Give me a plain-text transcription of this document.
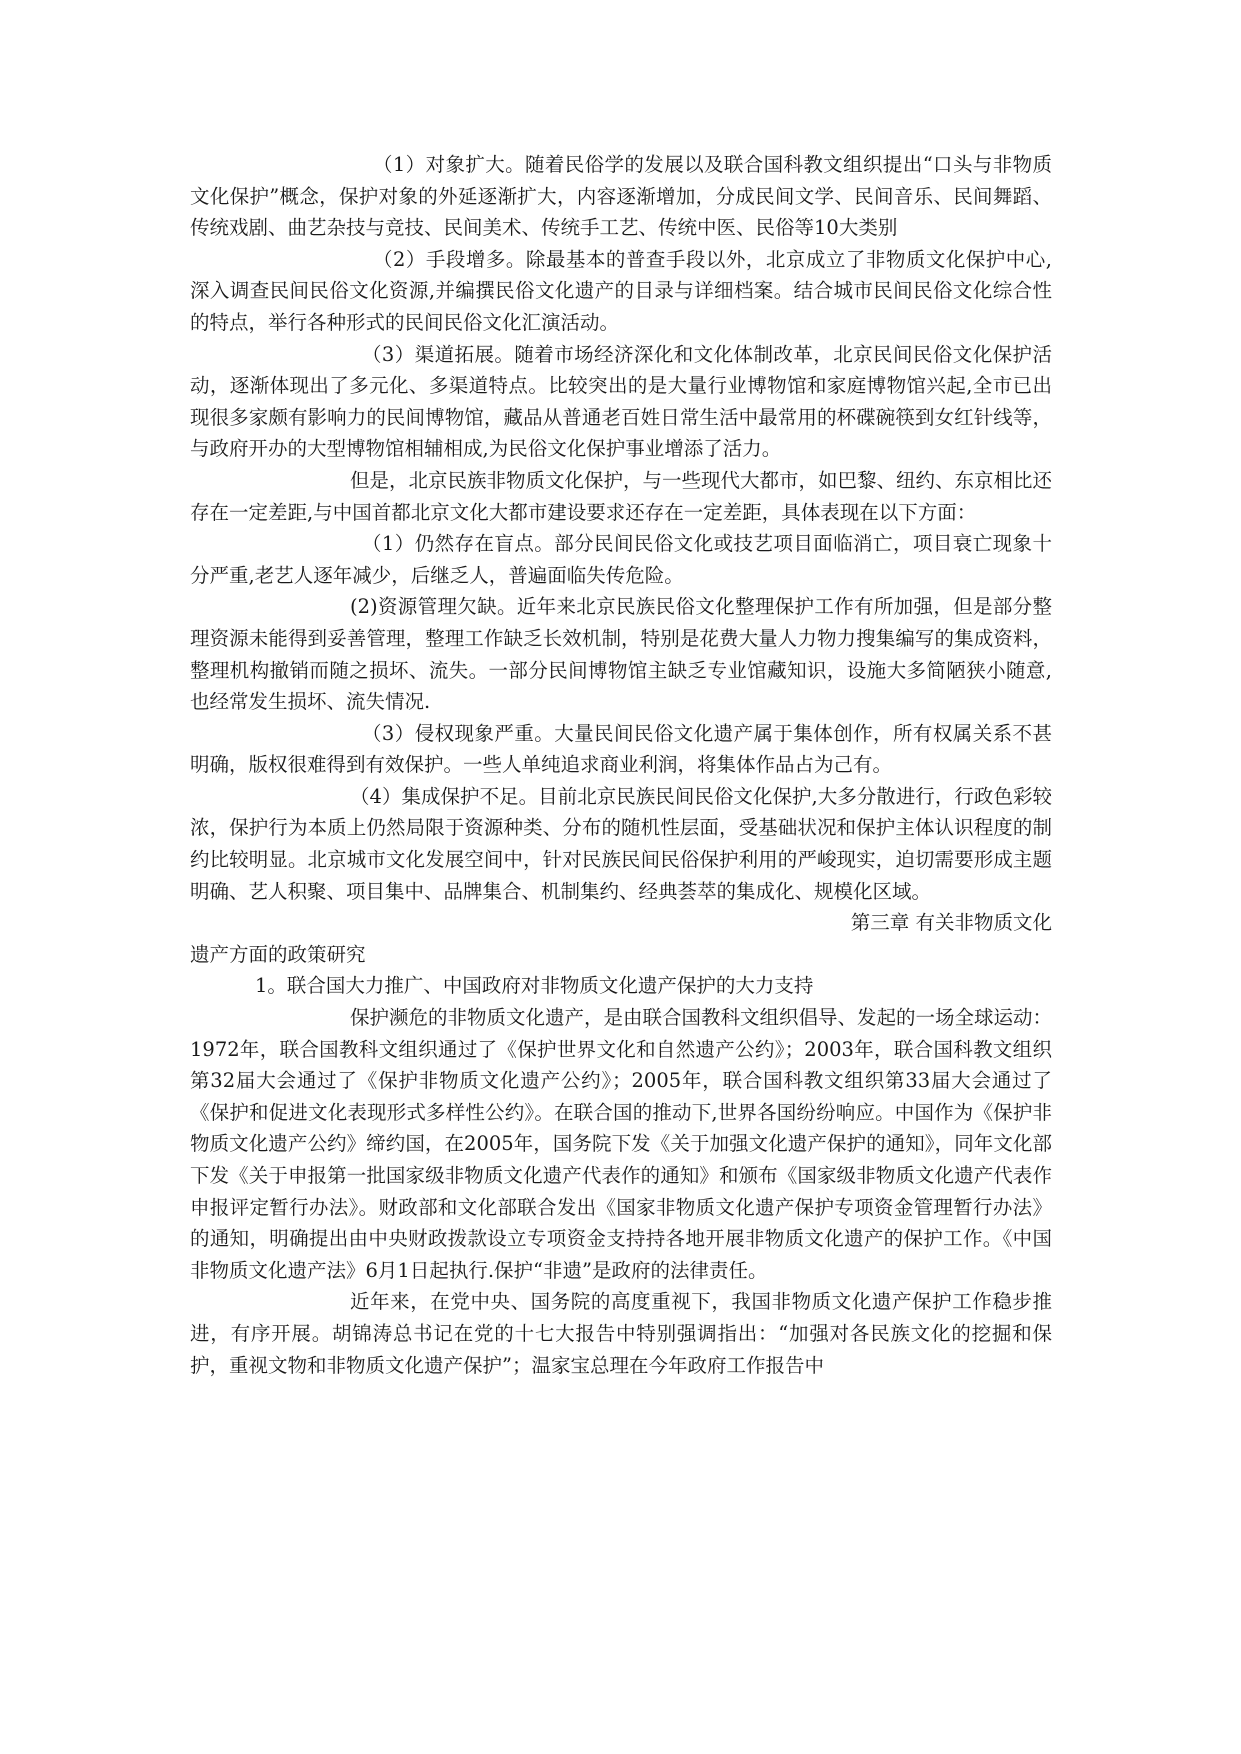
（1）对象扩大。随着民俗学的发展以及联合国科教文组织提出“口头与非物质文化保护”概念，保护对象的外延逐渐扩大，内容逐渐增加，分成民间文学、民间音乐、民间舞蹈、传统戏剧、曲艺杂技与竞技、民间美术、传统手工艺、传统中医、民俗等10大类别

（2）手段增多。除最基本的普查手段以外，北京成立了非物质文化保护中心,深入调查民间民俗文化资源,并编撰民俗文化遗产的目录与详细档案。结合城市民间民俗文化综合性的特点，举行各种形式的民间民俗文化汇演活动。

（3）渠道拓展。随着市场经济深化和文化体制改革，北京民间民俗文化保护活动，逐渐体现出了多元化、多渠道特点。比较突出的是大量行业博物馆和家庭博物馆兴起,全市已出现很多家颇有影响力的民间博物馆，藏品从普通老百姓日常生活中最常用的杯碟碗筷到女红针线等，与政府开办的大型博物馆相辅相成,为民俗文化保护事业增添了活力。

但是，北京民族非物质文化保护，与一些现代大都市，如巴黎、纽约、东京相比还存在一定差距,与中国首都北京文化大都市建设要求还存在一定差距，具体表现在以下方面：

（1）仍然存在盲点。部分民间民俗文化或技艺项目面临消亡，项目衰亡现象十分严重,老艺人逐年减少，后继乏人，普遍面临失传危险。

(2)资源管理欠缺。近年来北京民族民俗文化整理保护工作有所加强，但是部分整理资源未能得到妥善管理，整理工作缺乏长效机制，特别是花费大量人力物力搜集编写的集成资料，整理机构撤销而随之损坏、流失。一部分民间博物馆主缺乏专业馆藏知识，设施大多简陋狭小随意,也经常发生损坏、流失情况.

（3）侵权现象严重。大量民间民俗文化遗产属于集体创作，所有权属关系不甚明确，版权很难得到有效保护。一些人单纯追求商业利润，将集体作品占为己有。

（4）集成保护不足。目前北京民族民间民俗文化保护,大多分散进行，行政色彩较浓，保护行为本质上仍然局限于资源种类、分布的随机性层面，受基础状况和保护主体认识程度的制约比较明显。北京城市文化发展空间中，针对民族民间民俗保护利用的严峻现实，迫切需要形成主题明确、艺人积聚、项目集中、品牌集合、机制集约、经典荟萃的集成化、规模化区域。

第三章 有关非物质文化

遗产方面的政策研究

1。联合国大力推广、中国政府对非物质文化遗产保护的大力支持

保护濒危的非物质文化遗产，是由联合国教科文组织倡导、发起的一场全球运动：1972年，联合国教科文组织通过了《保护世界文化和自然遗产公约》；2003年，联合国科教文组织第32届大会通过了《保护非物质文化遗产公约》；2005年，联合国科教文组织第33届大会通过了《保护和促进文化表现形式多样性公约》。在联合国的推动下,世界各国纷纷响应。中国作为《保护非物质文化遗产公约》缔约国，在2005年，国务院下发《关于加强文化遗产保护的通知》，同年文化部下发《关于申报第一批国家级非物质文化遗产代表作的通知》和颁布《国家级非物质文化遗产代表作申报评定暂行办法》。财政部和文化部联合发出《国家非物质文化遗产保护专项资金管理暂行办法》的通知，明确提出由中央财政拨款设立专项资金支持持各地开展非物质文化遗产的保护工作。《中国非物质文化遗产法》6月1日起执行.保护“非遗”是政府的法律责任。

近年来，在党中央、国务院的高度重视下，我国非物质文化遗产保护工作稳步推进，有序开展。胡锦涛总书记在党的十七大报告中特别强调指出：“加强对各民族文化的挖掘和保护，重视文物和非物质文化遗产保护”；温家宝总理在今年政府工作报告中
